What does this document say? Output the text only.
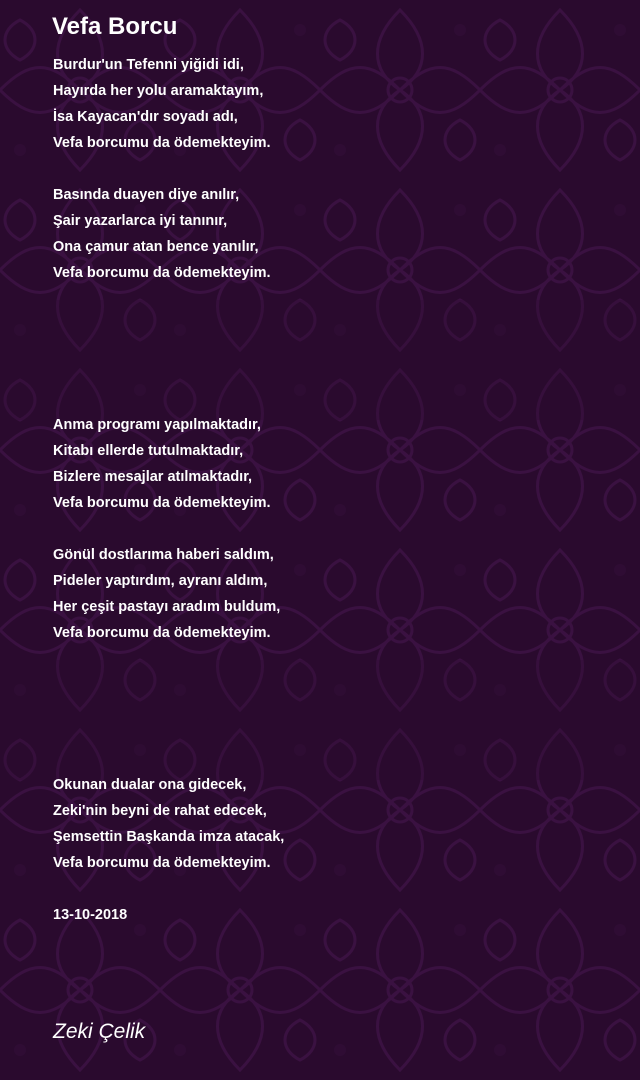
Vefa Borcu
Burdur'un Tefenni yiğidi idi,
Hayırda her yolu aramaktayım,
İsa Kayacan'dır soyadı adı,
Vefa borcumu da ödemekteyim.
Basında duayen diye anılır,
Şair yazarlarca iyi tanınır,
Ona çamur atan bence yanılır,
Vefa borcumu da ödemekteyim.
Anma programı yapılmaktadır,
Kitabı ellerde tutulmaktadır,
Bizlere mesajlar atılmaktadır,
Vefa borcumu da ödemekteyim.
Gönül dostlarıma haberi saldım,
Pideler yaptırdım, ayranı aldım,
Her çeşit pastayı aradım buldum,
Vefa borcumu da ödemekteyim.
Okunan dualar ona gidecek,
Zeki'nin beyni de rahat edecek,
Şemsettin Başkanda imza atacak,
Vefa borcumu da ödemekteyim.
13-10-2018
Zeki Çelik
